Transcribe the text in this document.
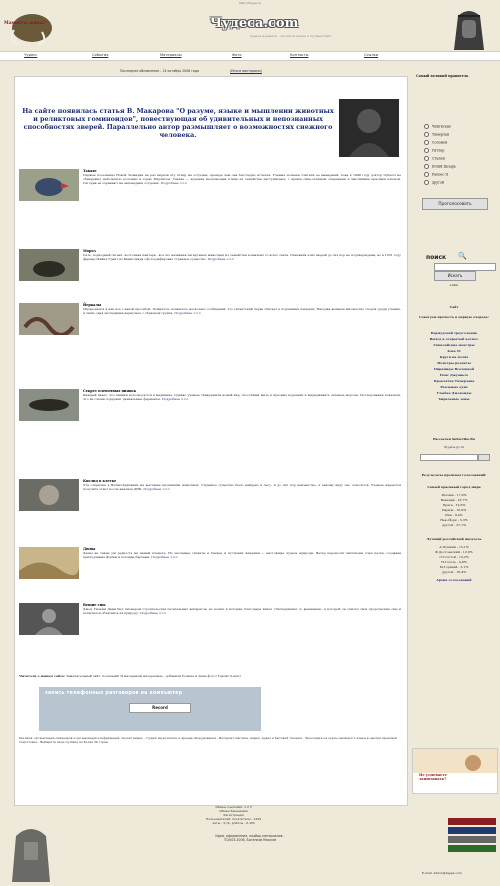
http://tayga.ru
Мамонты живы?	Чудеса.com
Чудеса в решете · случаи из жизни и путешествия
Чудесс	События	Материалы	Фото	Контакты	Ссылки
Последнее обновление - 14 октября 2006 года	(Итоги викторины)
На сайте появилась статья В. Макарова "О разуме, языке и мышлении животных и реликтовых гоминоидов", повествующая об удивительных и непознанных способностях зверей. Параллельно автор размышляет о возможностях снежного человека.
Такахе
Первые поселенцы Новой Зеландии не раз видели эту птицу на островах, прежде чем она бесследно исчезла. Учёные полвека считали её вымершей, пока в 1948 году доктор Орбелл не обнаружил небольшую колонию в горах Мерчисон. Такахе — крупная нелетающая птица из семейства пастушковых, с ярким сине-зелёным оперением и массивным красным клювом. Сегодня её охраняют на заповедных островах. Подробнее >>>
Мороз
Сеть, подводный гигант, восточная пантера - все это названия загадочных животных из семейства кошачьих со всего света. Описания этих зверей до сих пор не подтверждены, но в 1931 году фермер Майкл Грант из Квинсленда сфотографировал странное существо. Подробнее >>>
Йеркалы
Обрадовался я как все с какой просьбой. Помнится, появилось несколько сообщений, что гигантский червь обитает в подземных пещерах. Находка вызвала множество споров среди учёных, и лишь одна экспедиция вернулась с образцом грунта. Подробнее >>>
Секрет пленочных пиявок
Каждый знает, что пиявки используются в медицине. Однако учёные обнаружили новый вид, способный жить в пресных водоёмах и выдерживать сильные морозы. Исследования показали, что их слюна содержит уникальные ферменты. Подробнее >>>
Кислид в клетке
Эта открытка в Великобритании на выставке пропавших животных. Странное существо было найдено в лесу, и до сих пор неизвестно, к какому виду оно относится. Учёные надеются получить ответ после анализа ДНК. Подробнее >>>
Дюны
Дюны не такие уж редкость на нашей планете. Но песчаные гиганты в Сахаре и пустынях Америки — настоящие чудеса природы. Ветер переносит миллионы тонн песка, создавая причудливые формы и поющие барханы. Подробнее >>>
Вещие сны
Джон Уильям Данн был пионером строительства летательных аппаратов, но вошёл в историю благодаря книге «Эксперимент со временем», в которой он описал свои пророческие сны и попытался объяснить их природу. Подробнее >>>
Читатели о нашем сайте: Замечательный сайт, полезный! И материалы интересные - добавили больше и чаще фото! Удачи! (Lasic)
запись телефонных разговоров на компьютер
Record
Реклама: организация семинаров и организация конференций, прокат видео · студия звукозаписи и аренда оборудования · Интернет-магазин: видео, аудио и бытовой техники · Прокладка на курсы немецкого языка в центре языковой подготовки · Выберите свою путёвку из более 30 стран.
Самый великий правитель
Чингисхан
Тамерлан
Соломон
Гитлер
Сталин
Юлий Цезарь
Рамзес II
другой
Проголосовать
поиск 🔍
Искать
x-film
Сайт
Советуем прочесть в первую очередь:
Бермудский треугольник
Выход в открытый космос
Гималайские монстры
Зона 51
Круги на полях
Монстры реликты
Пирамиды Вселенной
Пояс Джуаньте
Проклятие Тамерлана
Реальные духи
Улыбка Джоконды
Хиральные зоны
Рассылки Subscribe.Ru
Чудеса.ру.ru
Результаты прошлых голосований:
Самый красивый город мира
Москва - 17,0%
Венеция - 16,7%
Прага - 12,6%
Париж - 10,9%
Рим - 9,4%
Нью-Йорк - 5,3%
другой - 27,1%
Лучший российский писатель
А.Пушкин - 15,1%
Ф.Достоевский - 12,9%
Л.Толстой - 12,2%
Н.Гоголь - 9,8%
М.Горький - 3,1%
другой - 18,4%
Архив голосований
Не успеваете записывать?
Обмен ссылками: 1 2 3
Обмен баннерами
Регистрация
Пользователей: посетители - 1295
хиты - 3,7р, роботы - 0.105
Идеи, оформление, подбор материалов -
©2003-2006, Богенков Максим
E-mail: admin@tayga.com
